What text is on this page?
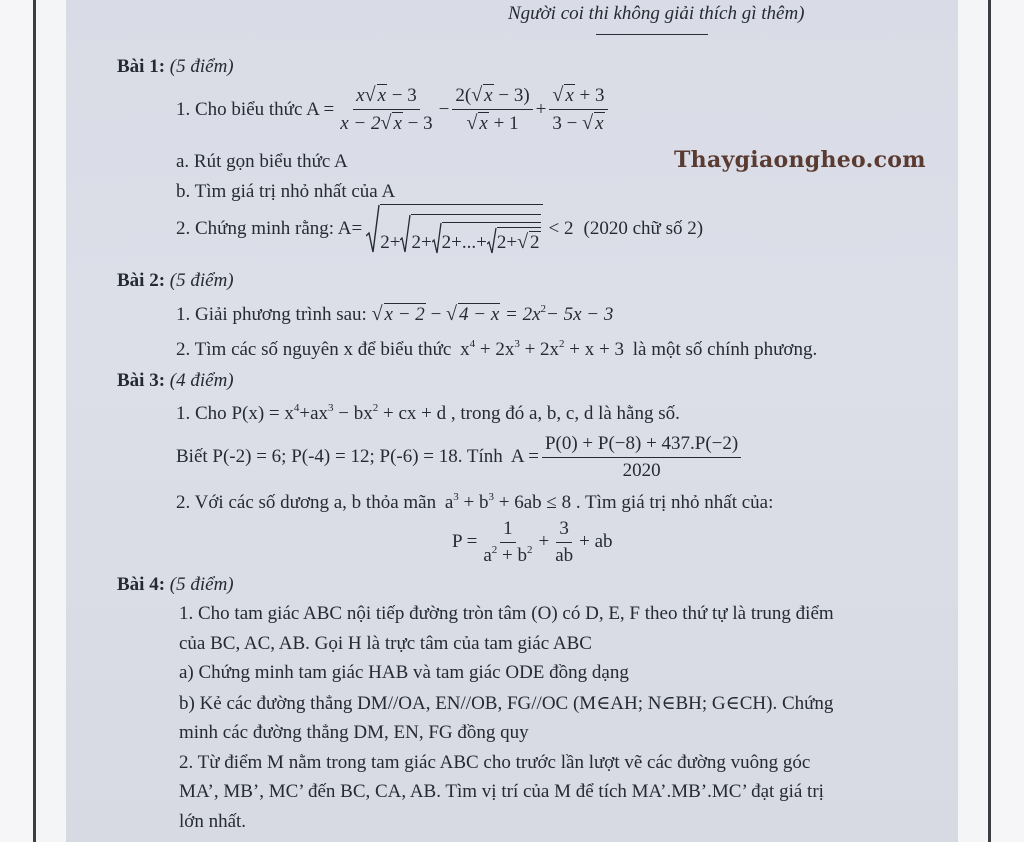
Người coi thi không giải thích gì thêm)
Bài 1: (5 điểm)
1. Cho biểu thức $A = \frac{x√ x - 3}{x - 2√ x - 3} - \frac{2(√ x - 3)}{√ x + 1} + \frac{√ x + 3}{3 - √ x}$
a. Rút gọn biểu thức A	Thaygiaongheo.com
b. Tìm giá trị nhỏ nhất của A
2. Chứng minh rằng: A=
2+ 2+ 2+...+ 2+ √ 2
< 2 (2020 chữ số 2)
Bài 2: (5 điểm)
1. Giải phương trình sau: √ x − 2 − √ $4 - x = 2x^2- 5x - 3$
2. Tìm các số nguyên x để biểu thức $x^4 + 2x^3 + 2x^2 + x + 3$ là một số chính phương.
Bài 3: (4 điểm)
1. Cho $P(x) = x^4+ax^3 - bx^2$ + cx + d , trong đó a, b, c, d là hằng số.
Biết P(-2) = 6; P(-4) = 12; P(-6) = 18. Tính $A = \frac{P(0) + P(-8) + 437.P(-2)}{2020}$
2. Với các số dương a, b thỏa mãn $a^3 + b^3 + 6ab \le 8$ . Tìm giá trị nhỏ nhất của:
$P = \frac{1}{a^2 + b^2} + \frac{3}{ab}$ + ab
Bài 4: (5 điểm)
1. Cho tam giác ABC nội tiếp đường tròn tâm (O) có D, E, F theo thứ tự là trung điểm
của BC, AC, AB. Gọi H là trực tâm của tam giác ABC
a) Chứng minh tam giác HAB và tam giác ODE đồng dạng
b) Kẻ các đường thẳng DM//OA, EN//OB, FG//OC (M∈AH; N∈BH; G∈CH). Chứng
minh các đường thẳng DM, EN, FG đồng quy
2. Từ điểm M nằm trong tam giác ABC cho trước lần lượt vẽ các đường vuông góc
MA’, MB’, MC’ đến BC, CA, AB. Tìm vị trí của M để tích MA’.MB’.MC’ đạt giá trị
lớn nhất.
